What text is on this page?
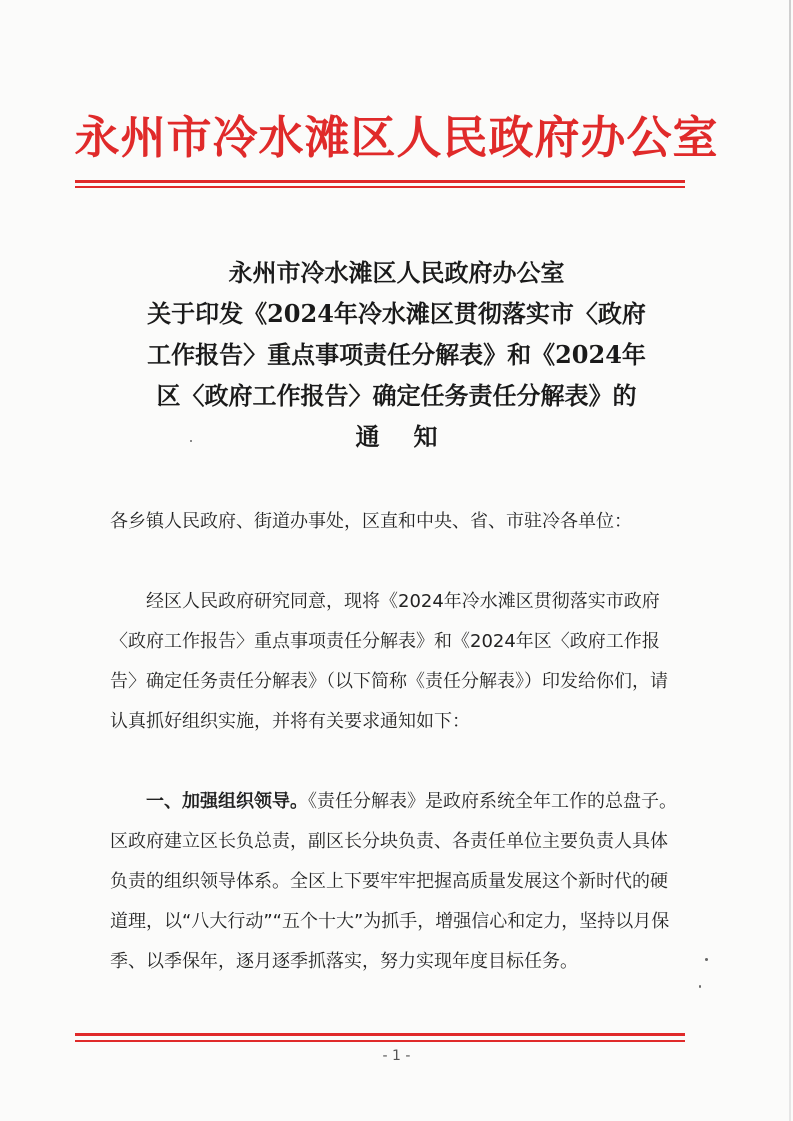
永州市冷水滩区人民政府办公室
永州市冷水滩区人民政府办公室
关于印发《2024年冷水滩区贯彻落实市〈政府
工作报告〉重点事项责任分解表》和《2024年
区〈政府工作报告〉确定任务责任分解表》的
通知
各乡镇人民政府、街道办事处，区直和中央、省、市驻冷各单位：
经区人民政府研究同意，现将《2024年冷水滩区贯彻落实市政府〈政府工作报告〉重点事项责任分解表》和《2024年区〈政府工作报告〉确定任务责任分解表》（以下简称《责任分解表》）印发给你们，请认真抓好组织实施，并将有关要求通知如下：
一、加强组织领导。《责任分解表》是政府系统全年工作的总盘子。区政府建立区长负总责，副区长分块负责、各责任单位主要负责人具体负责的组织领导体系。全区上下要牢牢把握高质量发展这个新时代的硬道理，以“八大行动”“五个十大”为抓手，增强信心和定力，坚持以月保季、以季保年，逐月逐季抓落实，努力实现年度目标任务。
- 1 -
